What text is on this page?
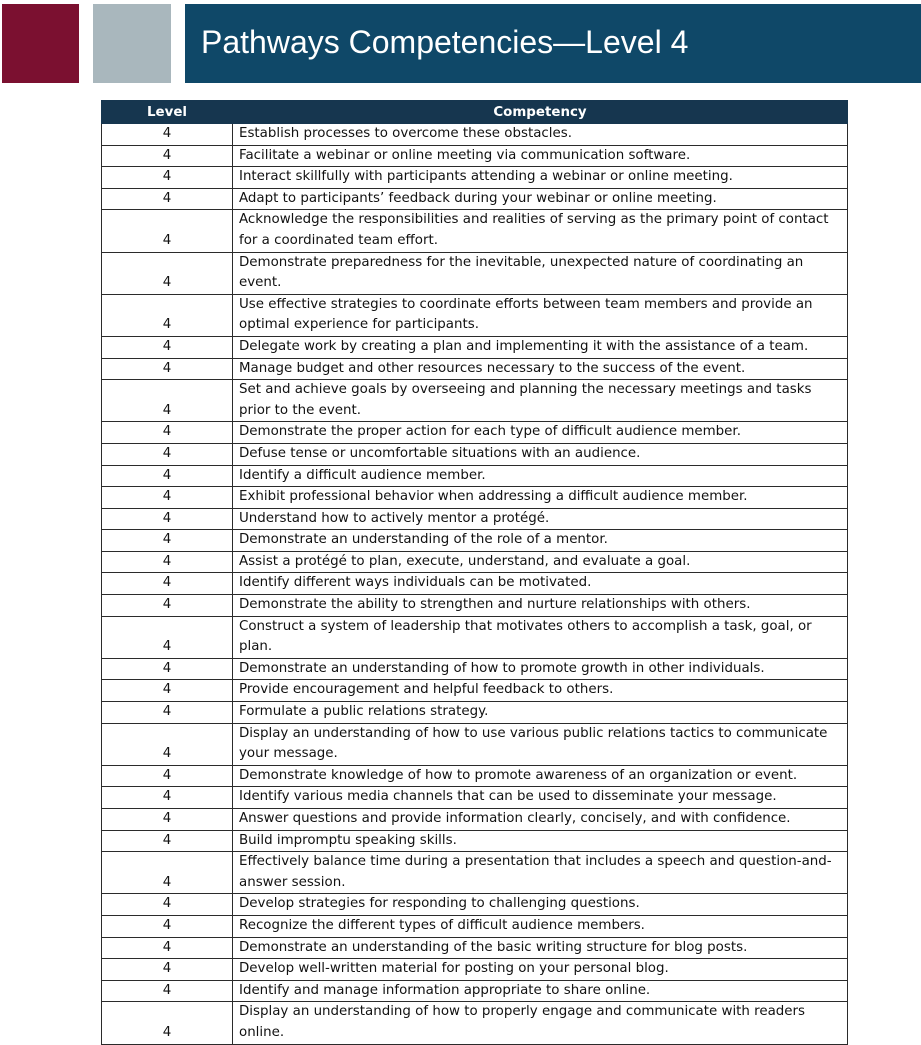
Pathways Competencies—Level 4
Level	Competency
4	Establish processes to overcome these obstacles.
4	Facilitate a webinar or online meeting via communication software.
4	Interact skillfully with participants attending a webinar or online meeting.
4	Adapt to participants’ feedback during your webinar or online meeting.
4	Acknowledge the responsibilities and realities of serving as the primary point of contact for a coordinated team effort.
4	Demonstrate preparedness for the inevitable, unexpected nature of coordinating an event.
4	Use effective strategies to coordinate efforts between team members and provide an optimal experience for participants.
4	Delegate work by creating a plan and implementing it with the assistance of a team.
4	Manage budget and other resources necessary to the success of the event.
4	Set and achieve goals by overseeing and planning the necessary meetings and tasks prior to the event.
4	Demonstrate the proper action for each type of difficult audience member.
4	Defuse tense or uncomfortable situations with an audience.
4	Identify a difficult audience member.
4	Exhibit professional behavior when addressing a difficult audience member.
4	Understand how to actively mentor a protégé.
4	Demonstrate an understanding of the role of a mentor.
4	Assist a protégé to plan, execute, understand, and evaluate a goal.
4	Identify different ways individuals can be motivated.
4	Demonstrate the ability to strengthen and nurture relationships with others.
4	Construct a system of leadership that motivates others to accomplish a task, goal, or plan.
4	Demonstrate an understanding of how to promote growth in other individuals.
4	Provide encouragement and helpful feedback to others.
4	Formulate a public relations strategy.
4	Display an understanding of how to use various public relations tactics to communicate your message.
4	Demonstrate knowledge of how to promote awareness of an organization or event.
4	Identify various media channels that can be used to disseminate your message.
4	Answer questions and provide information clearly, concisely, and with confidence.
4	Build impromptu speaking skills.
4	Effectively balance time during a presentation that includes a speech and question-and-answer session.
4	Develop strategies for responding to challenging questions.
4	Recognize the different types of difficult audience members.
4	Demonstrate an understanding of the basic writing structure for blog posts.
4	Develop well-written material for posting on your personal blog.
4	Identify and manage information appropriate to share online.
4	Display an understanding of how to properly engage and communicate with readers online.
